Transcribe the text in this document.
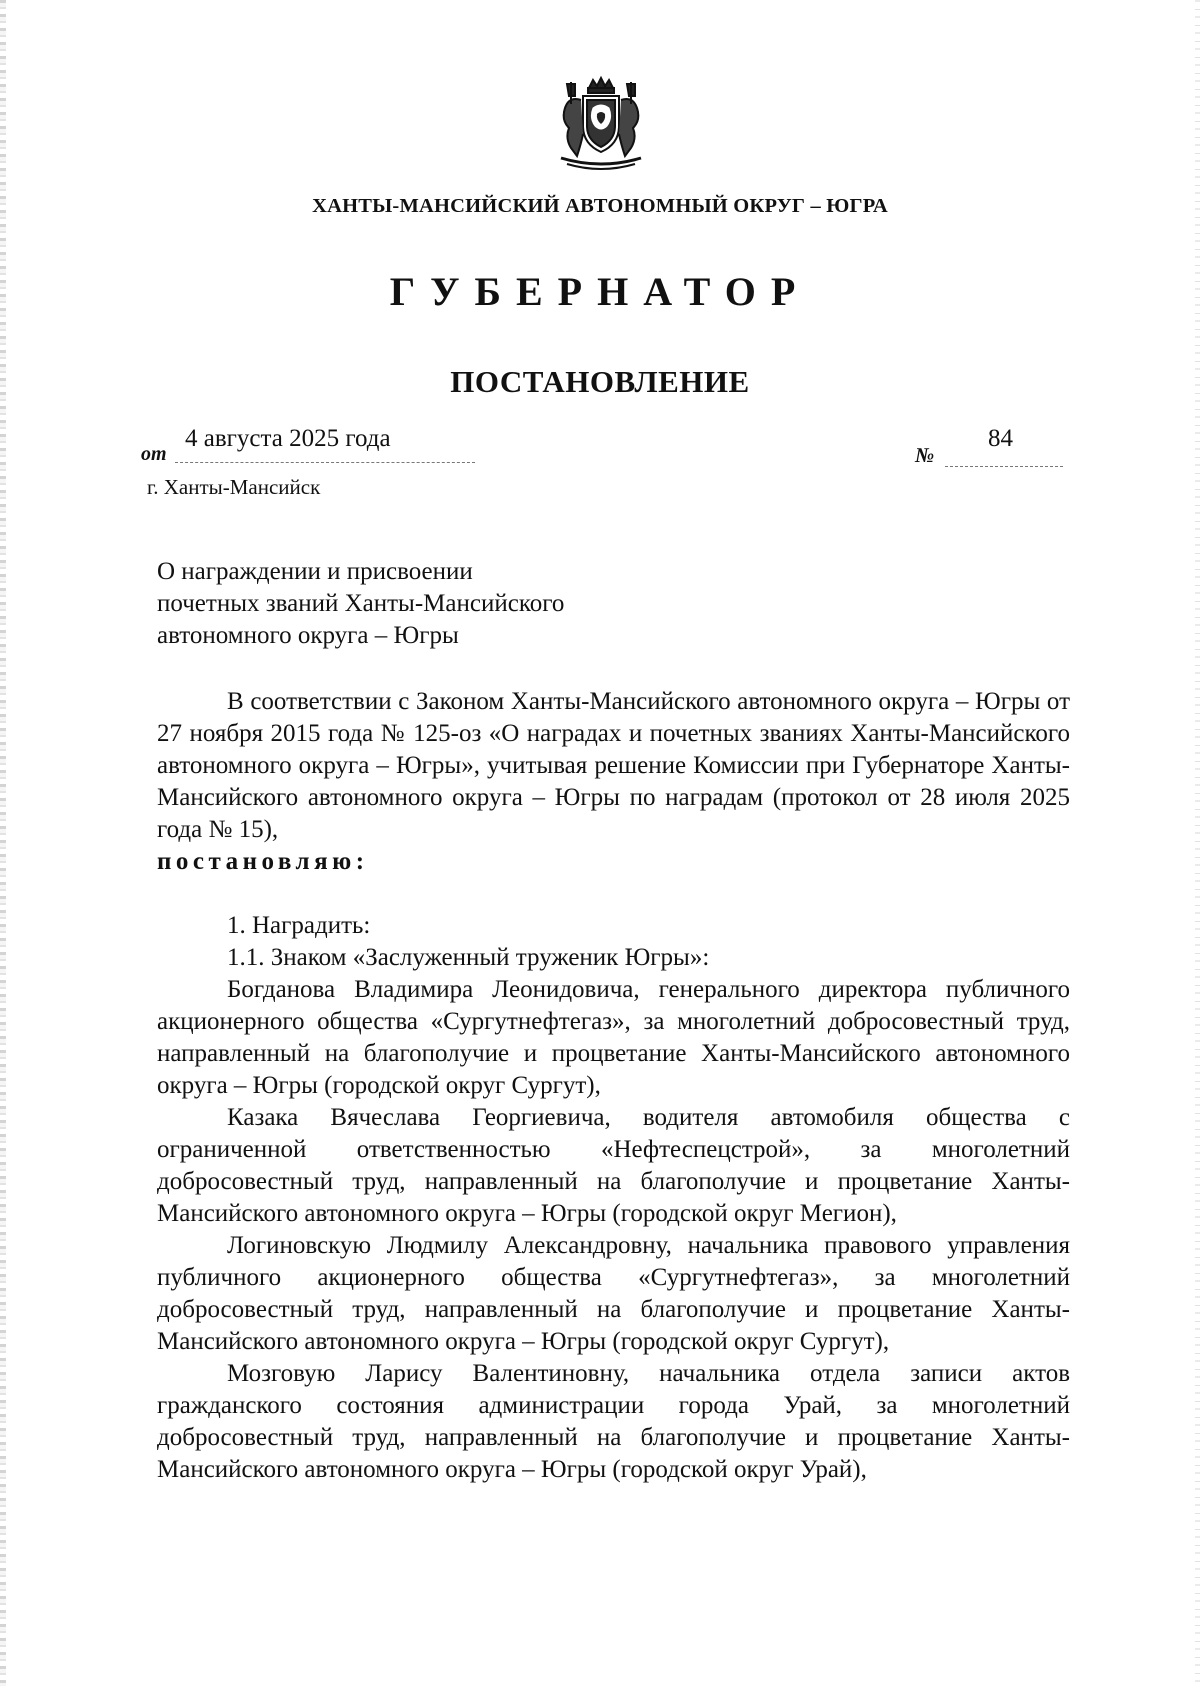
ХАНТЫ-МАНСИЙСКИЙ АВТОНОМНЫЙ ОКРУГ – ЮГРА
ГУБЕРНАТОР
ПОСТАНОВЛЕНИЕ
от
4 августа 2025 года
№
84
г. Ханты-Мансийск
О награждении и присвоении
почетных званий Ханты-Мансийского
автономного округа – Югры

В соответствии с Законом Ханты-Мансийского автономного округа – Югры от 27 ноября 2015 года № 125-оз «О наградах и почетных званиях Ханты-Мансийского автономного округа – Югры», учитывая решение Комиссии при Губернаторе Ханты-Мансийского автономного округа – Югры по наградам (протокол от 28 июля 2025 года № 15),

постановляю:

1. Наградить:

1.1. Знаком «Заслуженный труженик Югры»:

Богданова Владимира Леонидовича, генерального директора публичного акционерного общества «Сургутнефтегаз», за многолетний добросовестный труд, направленный на благополучие и процветание Ханты-Мансийского автономного округа – Югры (городской округ Сургут),

Казака Вячеслава Георгиевича, водителя автомобиля общества с ограниченной ответственностью «Нефтеспецстрой», за многолетний добросовестный труд, направленный на благополучие и процветание Ханты-Мансийского автономного округа – Югры (городской округ Мегион),

Логиновскую Людмилу Александровну, начальника правового управления публичного акционерного общества «Сургутнефтегаз», за многолетний добросовестный труд, направленный на благополучие и процветание Ханты-Мансийского автономного округа – Югры (городской округ Сургут),

Мозговую Ларису Валентиновну, начальника отдела записи актов гражданского состояния администрации города Урай, за многолетний добросовестный труд, направленный на благополучие и процветание Ханты-Мансийского автономного округа – Югры (городской округ Урай),
